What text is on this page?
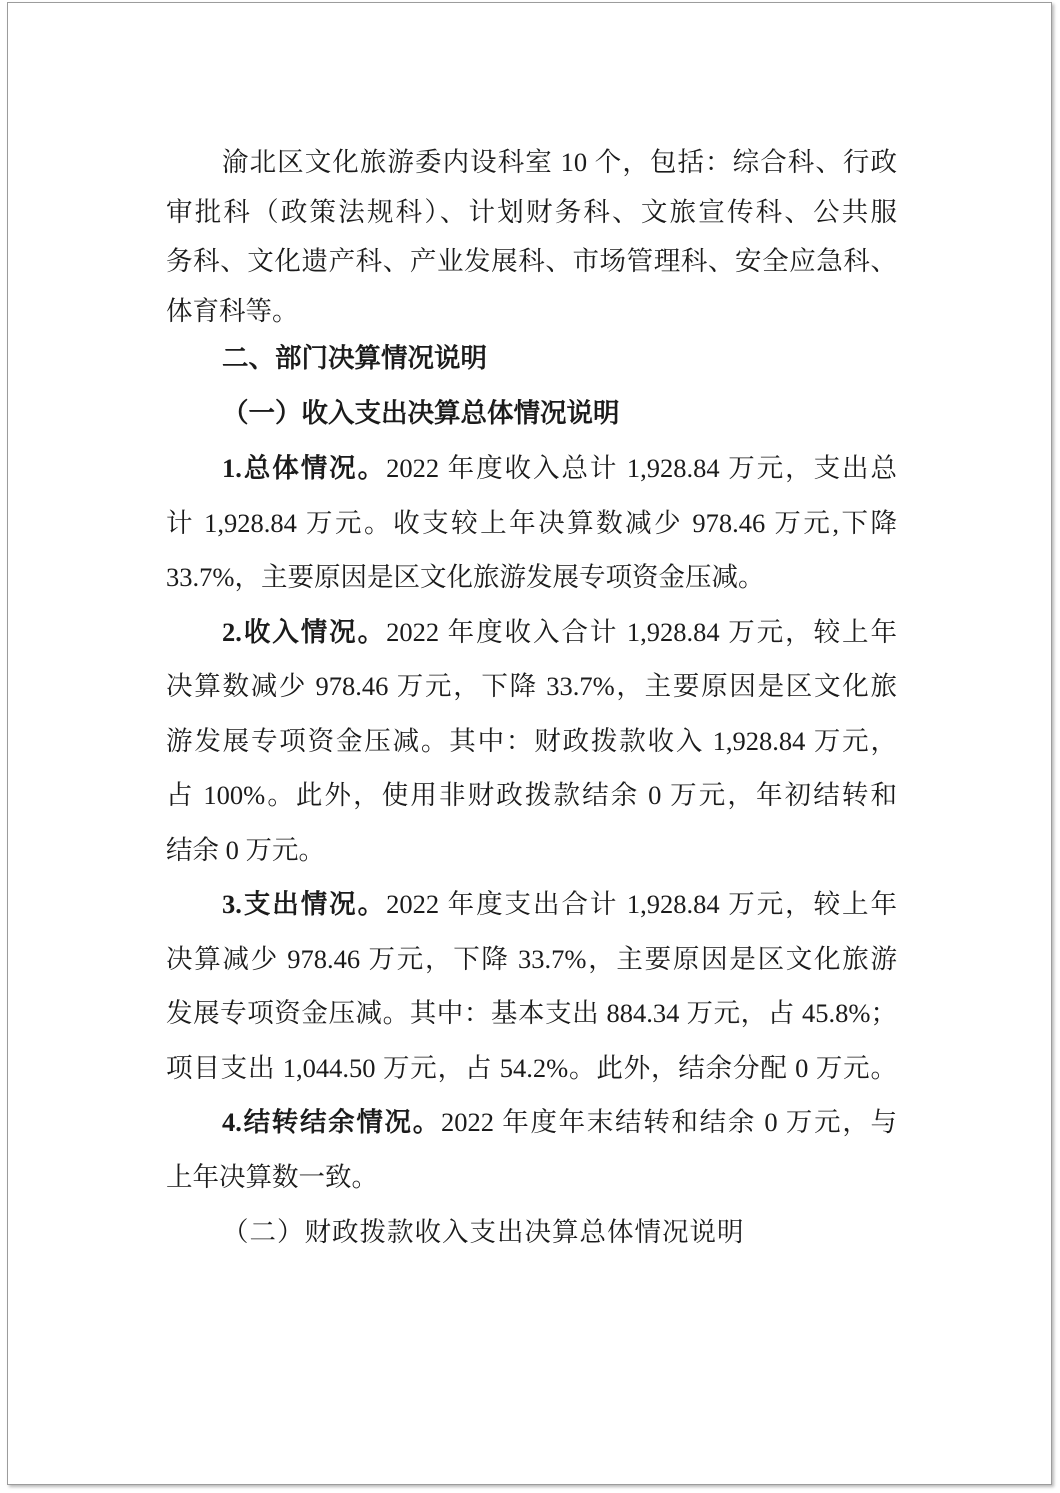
渝北区文化旅游委内设科室 10 个，包括：综合科、行政
审批科（政策法规科）、计划财务科、文旅宣传科、公共服
务科、文化遗产科、产业发展科、市场管理科、安全应急科、
体育科等。
二、部门决算情况说明
（一）收入支出决算总体情况说明
1.总体情况。2022 年度收入总计 1,928.84 万元，支出总
计 1,928.84 万元。收支较上年决算数减少 978.46 万元,下降
33.7%，主要原因是区文化旅游发展专项资金压减。
2.收入情况。2022 年度收入合计 1,928.84 万元，较上年
决算数减少 978.46 万元，下降 33.7%，主要原因是区文化旅
游发展专项资金压减。其中：财政拨款收入 1,928.84 万元，
占 100%。此外，使用非财政拨款结余 0 万元，年初结转和
结余 0 万元。
3.支出情况。2022 年度支出合计 1,928.84 万元，较上年
决算减少 978.46 万元，下降 33.7%，主要原因是区文化旅游
发展专项资金压减。其中：基本支出 884.34 万元，占 45.8%；
项目支出 1,044.50 万元，占 54.2%。此外，结余分配 0 万元。
4.结转结余情况。2022 年度年末结转和结余 0 万元，与
上年决算数一致。
（二）财政拨款收入支出决算总体情况说明
